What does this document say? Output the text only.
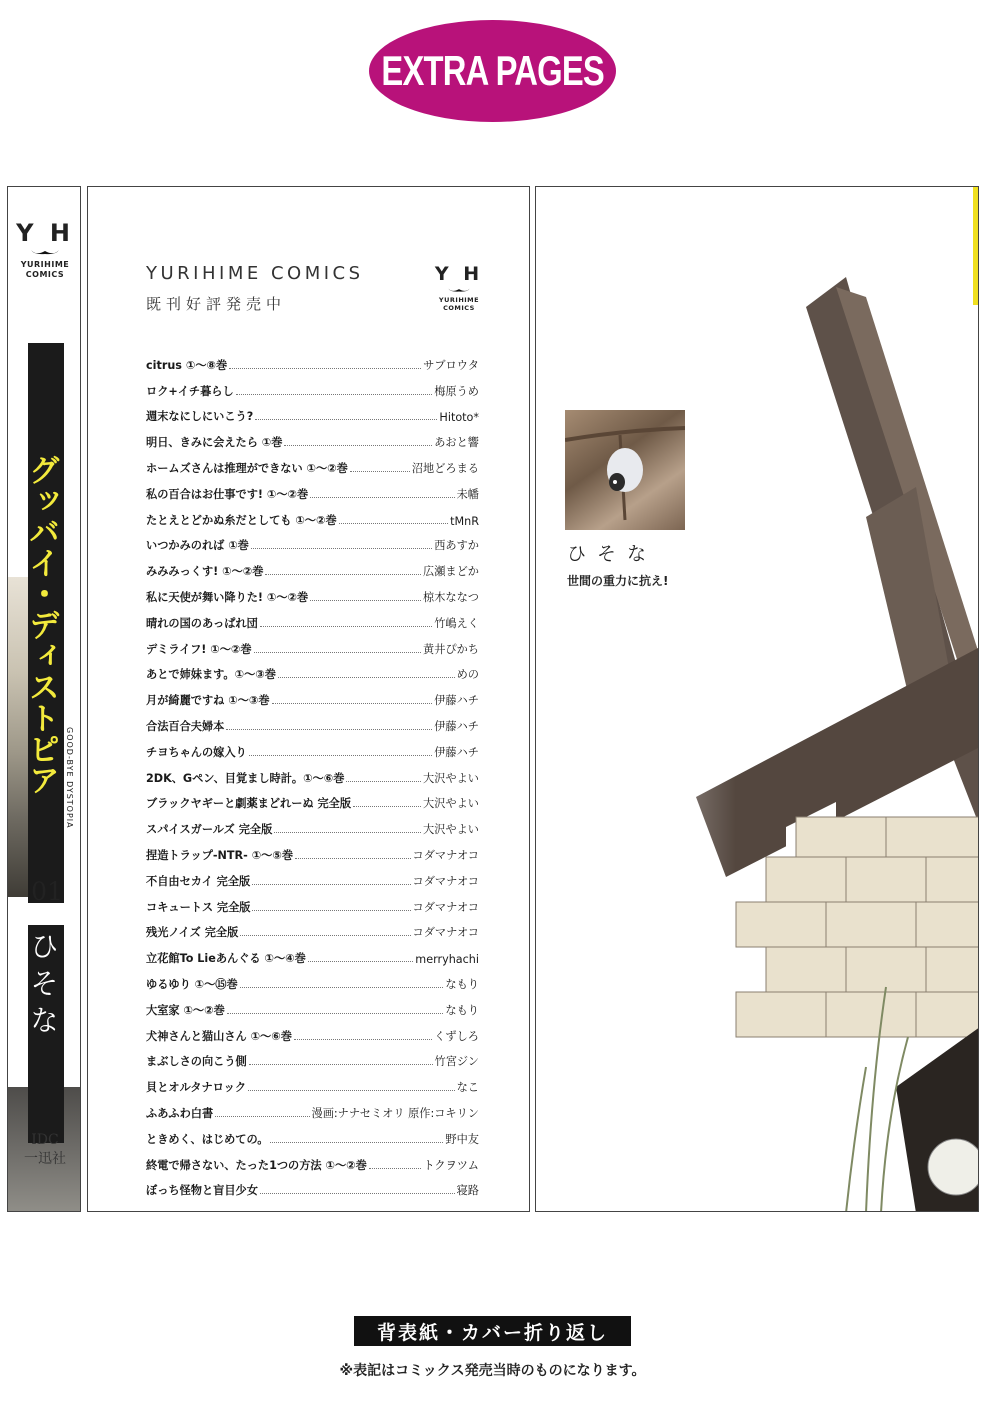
EXTRA PAGES
Y H
YURIHIME
COMICS
グッバイ・ディストピア GOOD-BYE DYSTOPIA
01
ひそな
IDC
一迅社
YURIHIME COMICS
既刊好評発売中
Y H
YURIHIME
COMICS
citrus ①〜⑧巻	サブロウタ
ロク+イチ暮らし	梅原うめ
週末なにしにいこう?	Hitoto*
明日、きみに会えたら ①巻	あおと響
ホームズさんは推理ができない ①〜②巻	沼地どろまる
私の百合はお仕事です! ①〜②巻	未幡
たとえとどかぬ糸だとしても ①〜②巻	tMnR
いつかみのれば ①巻	西あすか
みみみっくす! ①〜②巻	広瀬まどか
私に天使が舞い降りた! ①〜②巻	椋木ななつ
晴れの国のあっぱれ団	竹嶋えく
デミライフ! ①〜②巻	黄井ぴかち
あとで姉妹ます。①〜③巻	めの
月が綺麗ですね ①〜③巻	伊藤ハチ
合法百合夫婦本	伊藤ハチ
チヨちゃんの嫁入り	伊藤ハチ
2DK、Gペン、目覚まし時計。①〜⑥巻	大沢やよい
ブラックヤギーと劇薬まどれーぬ 完全版	大沢やよい
スパイスガールズ 完全版	大沢やよい
捏造トラップ-NTR- ①〜⑤巻	コダマナオコ
不自由セカイ 完全版	コダマナオコ
コキュートス 完全版	コダマナオコ
残光ノイズ 完全版	コダマナオコ
立花館To Lieあんぐる ①〜④巻	merryhachi
ゆるゆり ①〜⑮巻	なもり
大室家 ①〜②巻	なもり
犬神さんと猫山さん ①〜⑥巻	くずしろ
まぶしさの向こう側	竹宮ジン
貝とオルタナロック	なこ
ふあふわ白書	漫画:ナナセミオリ 原作:コキリン
ときめく、はじめての。	野中友
終電で帰さない、たった1つの方法 ①〜②巻	トクヲツム
ぼっち怪物と盲目少女	寝路
ひそな
世間の重力に抗え!
背表紙・カバー折り返し
※表記はコミックス発売当時のものになります。
